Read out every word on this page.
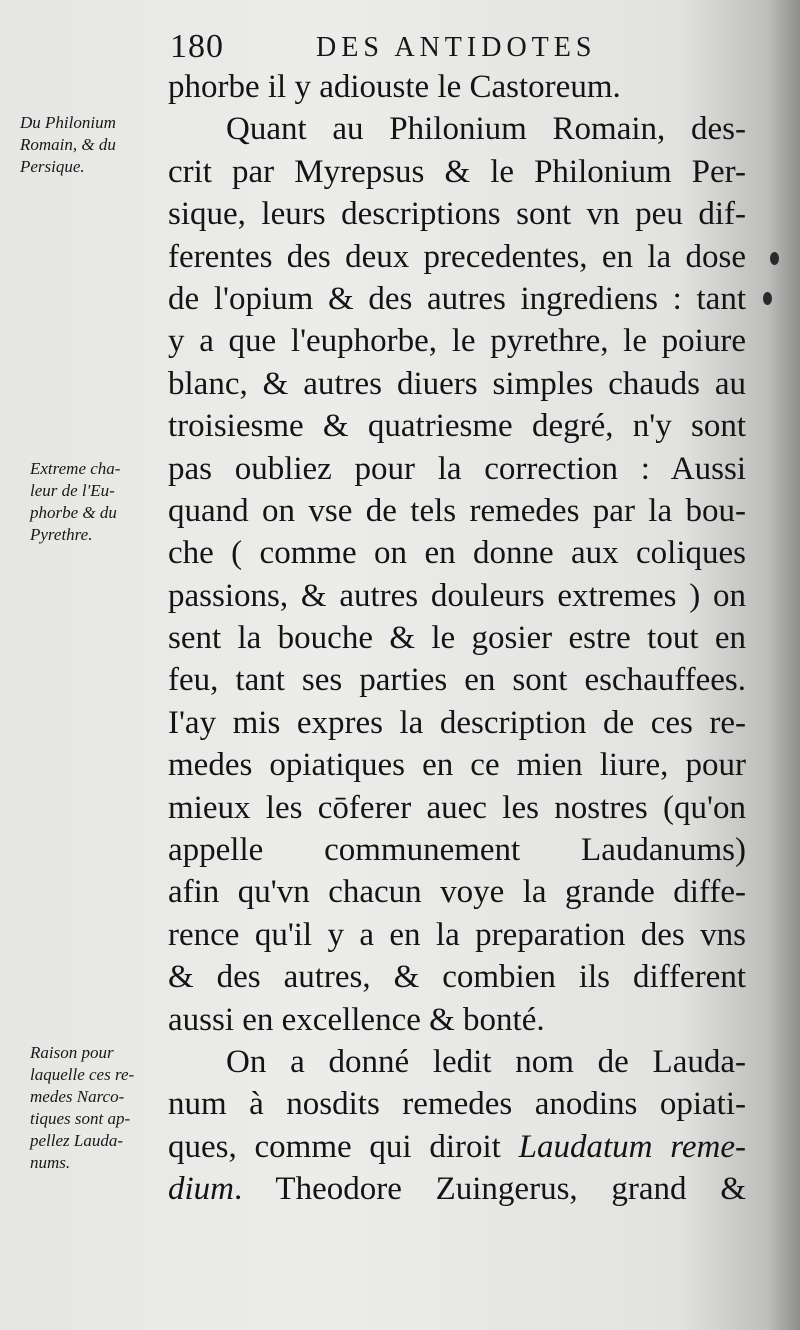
180	DES ANTIDOTES
Du Philonium
Romain, & du
Persique.
Extreme cha-
leur de l'Eu-
phorbe & du
Pyrethre.
Raison pour
laquelle ces re-
medes Narco-
tiques sont ap-
pellez Lauda-
nums.
phorbe il y adiouste le Castoreum.
Quant au Philonium Romain, des-
crit par Myrepsus & le Philonium Per-
sique, leurs descriptions sont vn peu dif-
ferentes des deux precedentes, en la dose
de l'opium & des autres ingrediens : tant
y a que l'euphorbe, le pyrethre, le poiure
blanc, & autres diuers simples chauds au
troisiesme & quatriesme degré, n'y sont
pas oubliez pour la correction : Aussi
quand on vse de tels remedes par la bou-
che ( comme on en donne aux coliques
passions, & autres douleurs extremes ) on
sent la bouche & le gosier estre tout en
feu, tant ses parties en sont eschauffees.
I'ay mis expres la description de ces re-
medes opiatiques en ce mien liure, pour
mieux les cōferer auec les nostres (qu'on
appelle communement Laudanums)
afin qu'vn chacun voye la grande diffe-
rence qu'il y a en la preparation des vns
& des autres, & combien ils different
aussi en excellence & bonté.
On a donné ledit nom de Lauda-
num à nosdits remedes anodins opiati-
ques, comme qui diroit Laudatum reme-
dium. Theodore Zuingerus, grand &
